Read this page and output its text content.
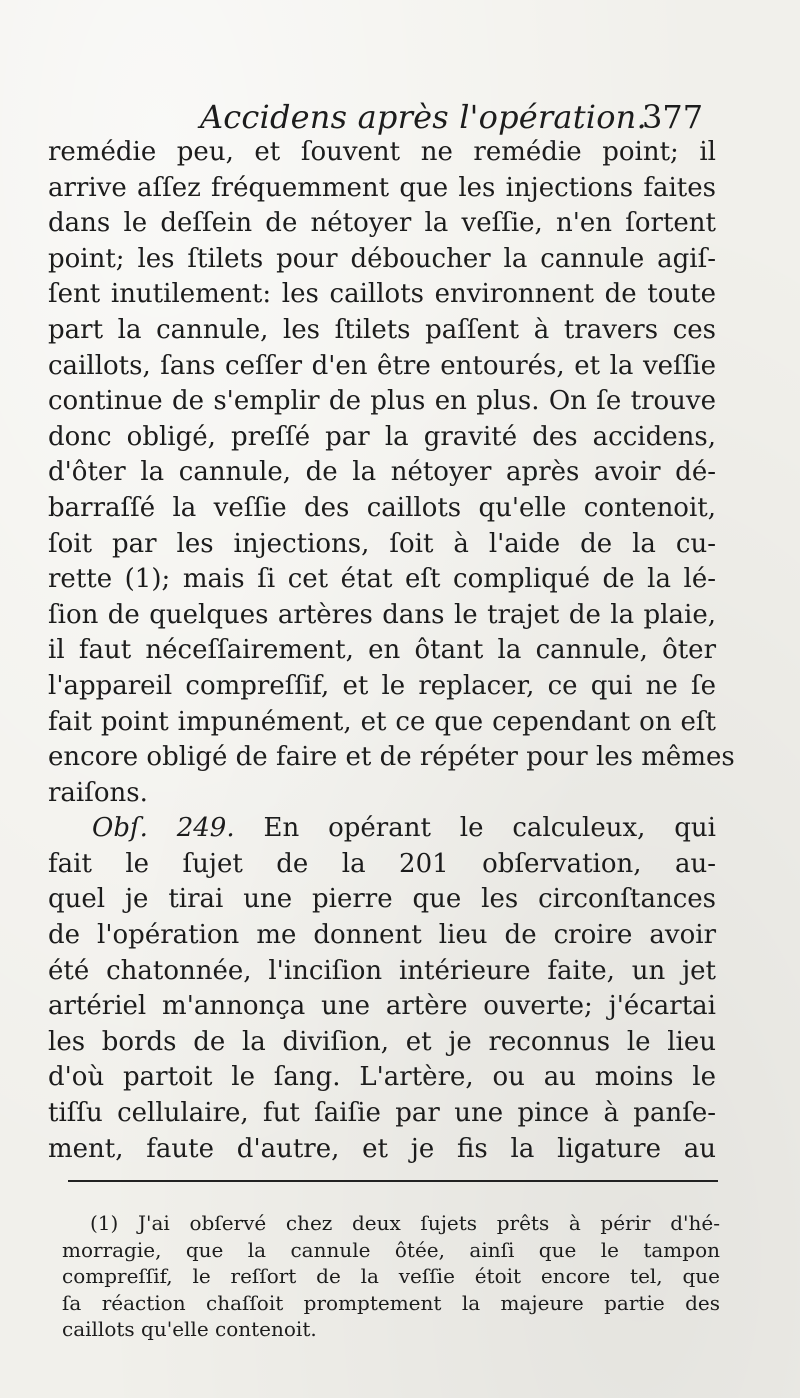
Accidens après l'opération.
377
remédie peu, et ſouvent ne remédie point; il
arrive aſſez fréquemment que les injections faites
dans le deſſein de nétoyer la veſſie, n'en ſortent
point; les ſtilets pour déboucher la cannule agiſ-
ſent inutilement: les caillots environnent de toute
part la cannule, les ſtilets paſſent à travers ces
caillots, ſans ceſſer d'en être entourés, et la veſſie
continue de s'emplir de plus en plus. On ſe trouve
donc obligé, preſſé par la gravité des accidens,
d'ôter la cannule, de la nétoyer après avoir dé-
barraſſé la veſſie des caillots qu'elle contenoit,
ſoit par les injections, ſoit à l'aide de la cu-
rette (1); mais ſi cet état eſt compliqué de la lé-
ſion de quelques artères dans le trajet de la plaie,
il faut néceſſairement, en ôtant la cannule, ôter
l'appareil compreſſif, et le replacer, ce qui ne ſe
fait point impunément, et ce que cependant on eſt
encore obligé de faire et de répéter pour les mêmes
raiſons.
Obſ. 249. En opérant le calculeux, qui
fait le ſujet de la 201 obſervation, au-
quel je tirai une pierre que les circonſtances
de l'opération me donnent lieu de croire avoir
été chatonnée, l'inciſion intérieure faite, un jet
artériel m'annonça une artère ouverte; j'écartai
les bords de la diviſion, et je reconnus le lieu
d'où partoit le ſang. L'artère, ou au moins le
tiſſu cellulaire, fut ſaiſie par une pince à panſe-
ment, faute d'autre, et je fis la ligature au
(1) J'ai obſervé chez deux ſujets prêts à périr d'hé-
morragie, que la cannule ôtée, ainſi que le tampon
compreſſif, le reſſort de la veſſie étoit encore tel, que
ſa réaction chaſſoit promptement la majeure partie des
caillots qu'elle contenoit.
